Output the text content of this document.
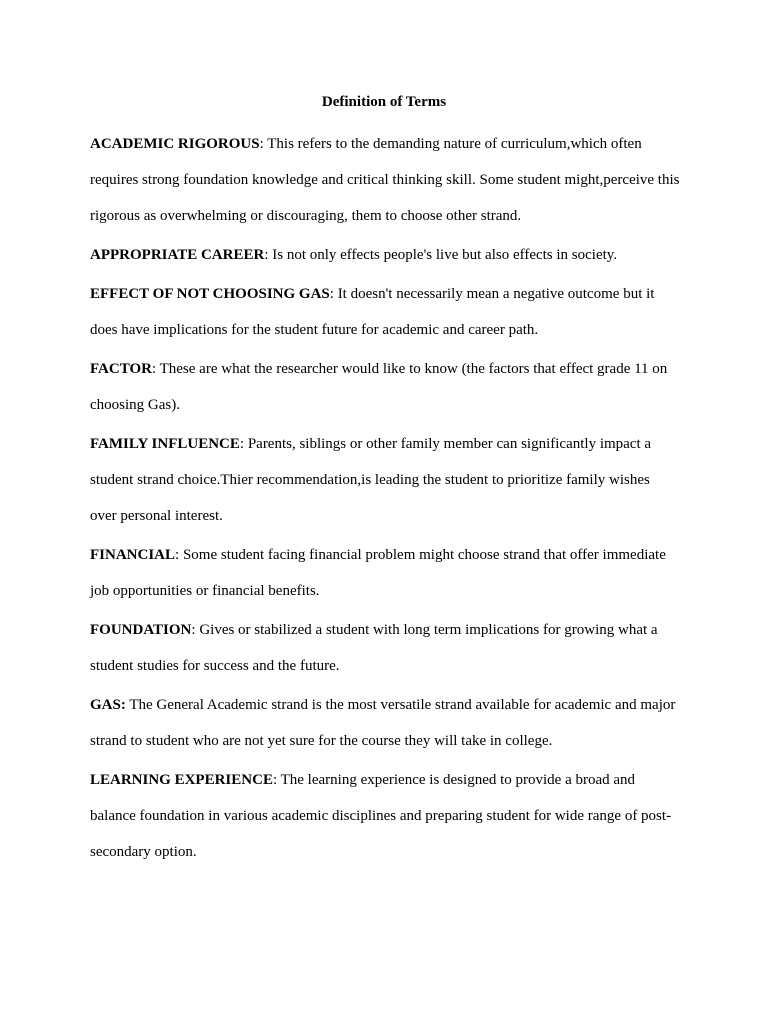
Definition of Terms

ACADEMIC RIGOROUS: This refers to the demanding nature of curriculum,which often requires strong foundation knowledge and critical thinking skill. Some student might,perceive this rigorous as overwhelming or discouraging, them to choose other strand.

APPROPRIATE CAREER: Is not only effects people's live but also effects in society.

EFFECT OF NOT CHOOSING GAS: It doesn't necessarily mean a negative outcome but it does have implications for the student future for academic and career path.

FACTOR: These are what the researcher would like to know (the factors that effect grade 11 on choosing Gas).

FAMILY INFLUENCE: Parents, siblings or other family member can significantly impact a student strand choice.Thier recommendation,is leading the student to prioritize family wishes over personal interest.

FINANCIAL: Some student facing financial problem might choose strand that offer immediate job opportunities or financial benefits.

FOUNDATION: Gives or stabilized a student with long term implications for growing what a student studies for success and the future.

GAS: The General Academic strand is the most versatile strand available for academic and major strand to student who are not yet sure for the course they will take in college.

LEARNING EXPERIENCE: The learning experience is designed to provide a broad and balance foundation in various academic disciplines and preparing student for wide range of post-secondary option.
